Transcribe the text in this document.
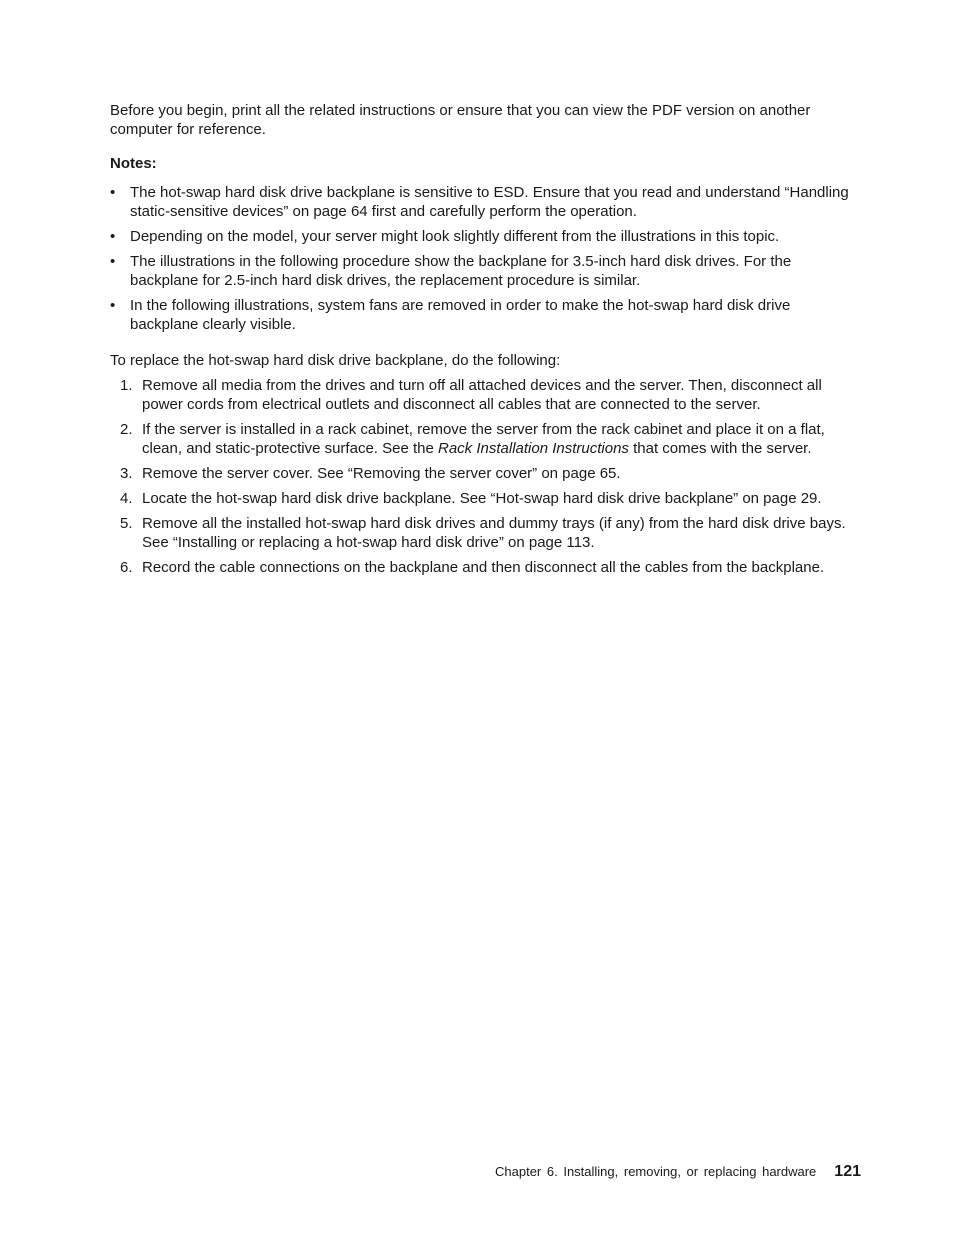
Before you begin, print all the related instructions or ensure that you can view the PDF version on another computer for reference.

Notes:

• The hot-swap hard disk drive backplane is sensitive to ESD. Ensure that you read and understand “Handling static-sensitive devices” on page 64 first and carefully perform the operation.
• Depending on the model, your server might look slightly different from the illustrations in this topic.
• The illustrations in the following procedure show the backplane for 3.5-inch hard disk drives. For the backplane for 2.5-inch hard disk drives, the replacement procedure is similar.
• In the following illustrations, system fans are removed in order to make the hot-swap hard disk drive backplane clearly visible.

To replace the hot-swap hard disk drive backplane, do the following:

1. Remove all media from the drives and turn off all attached devices and the server. Then, disconnect all power cords from electrical outlets and disconnect all cables that are connected to the server.
2. If the server is installed in a rack cabinet, remove the server from the rack cabinet and place it on a flat, clean, and static-protective surface. See the Rack Installation Instructions that comes with the server.
3. Remove the server cover. See “Removing the server cover” on page 65.
4. Locate the hot-swap hard disk drive backplane. See “Hot-swap hard disk drive backplane” on page 29.
5. Remove all the installed hot-swap hard disk drives and dummy trays (if any) from the hard disk drive bays. See “Installing or replacing a hot-swap hard disk drive” on page 113.
6. Record the cable connections on the backplane and then disconnect all the cables from the backplane.
Chapter 6. Installing, removing, or replacing hardware 121
